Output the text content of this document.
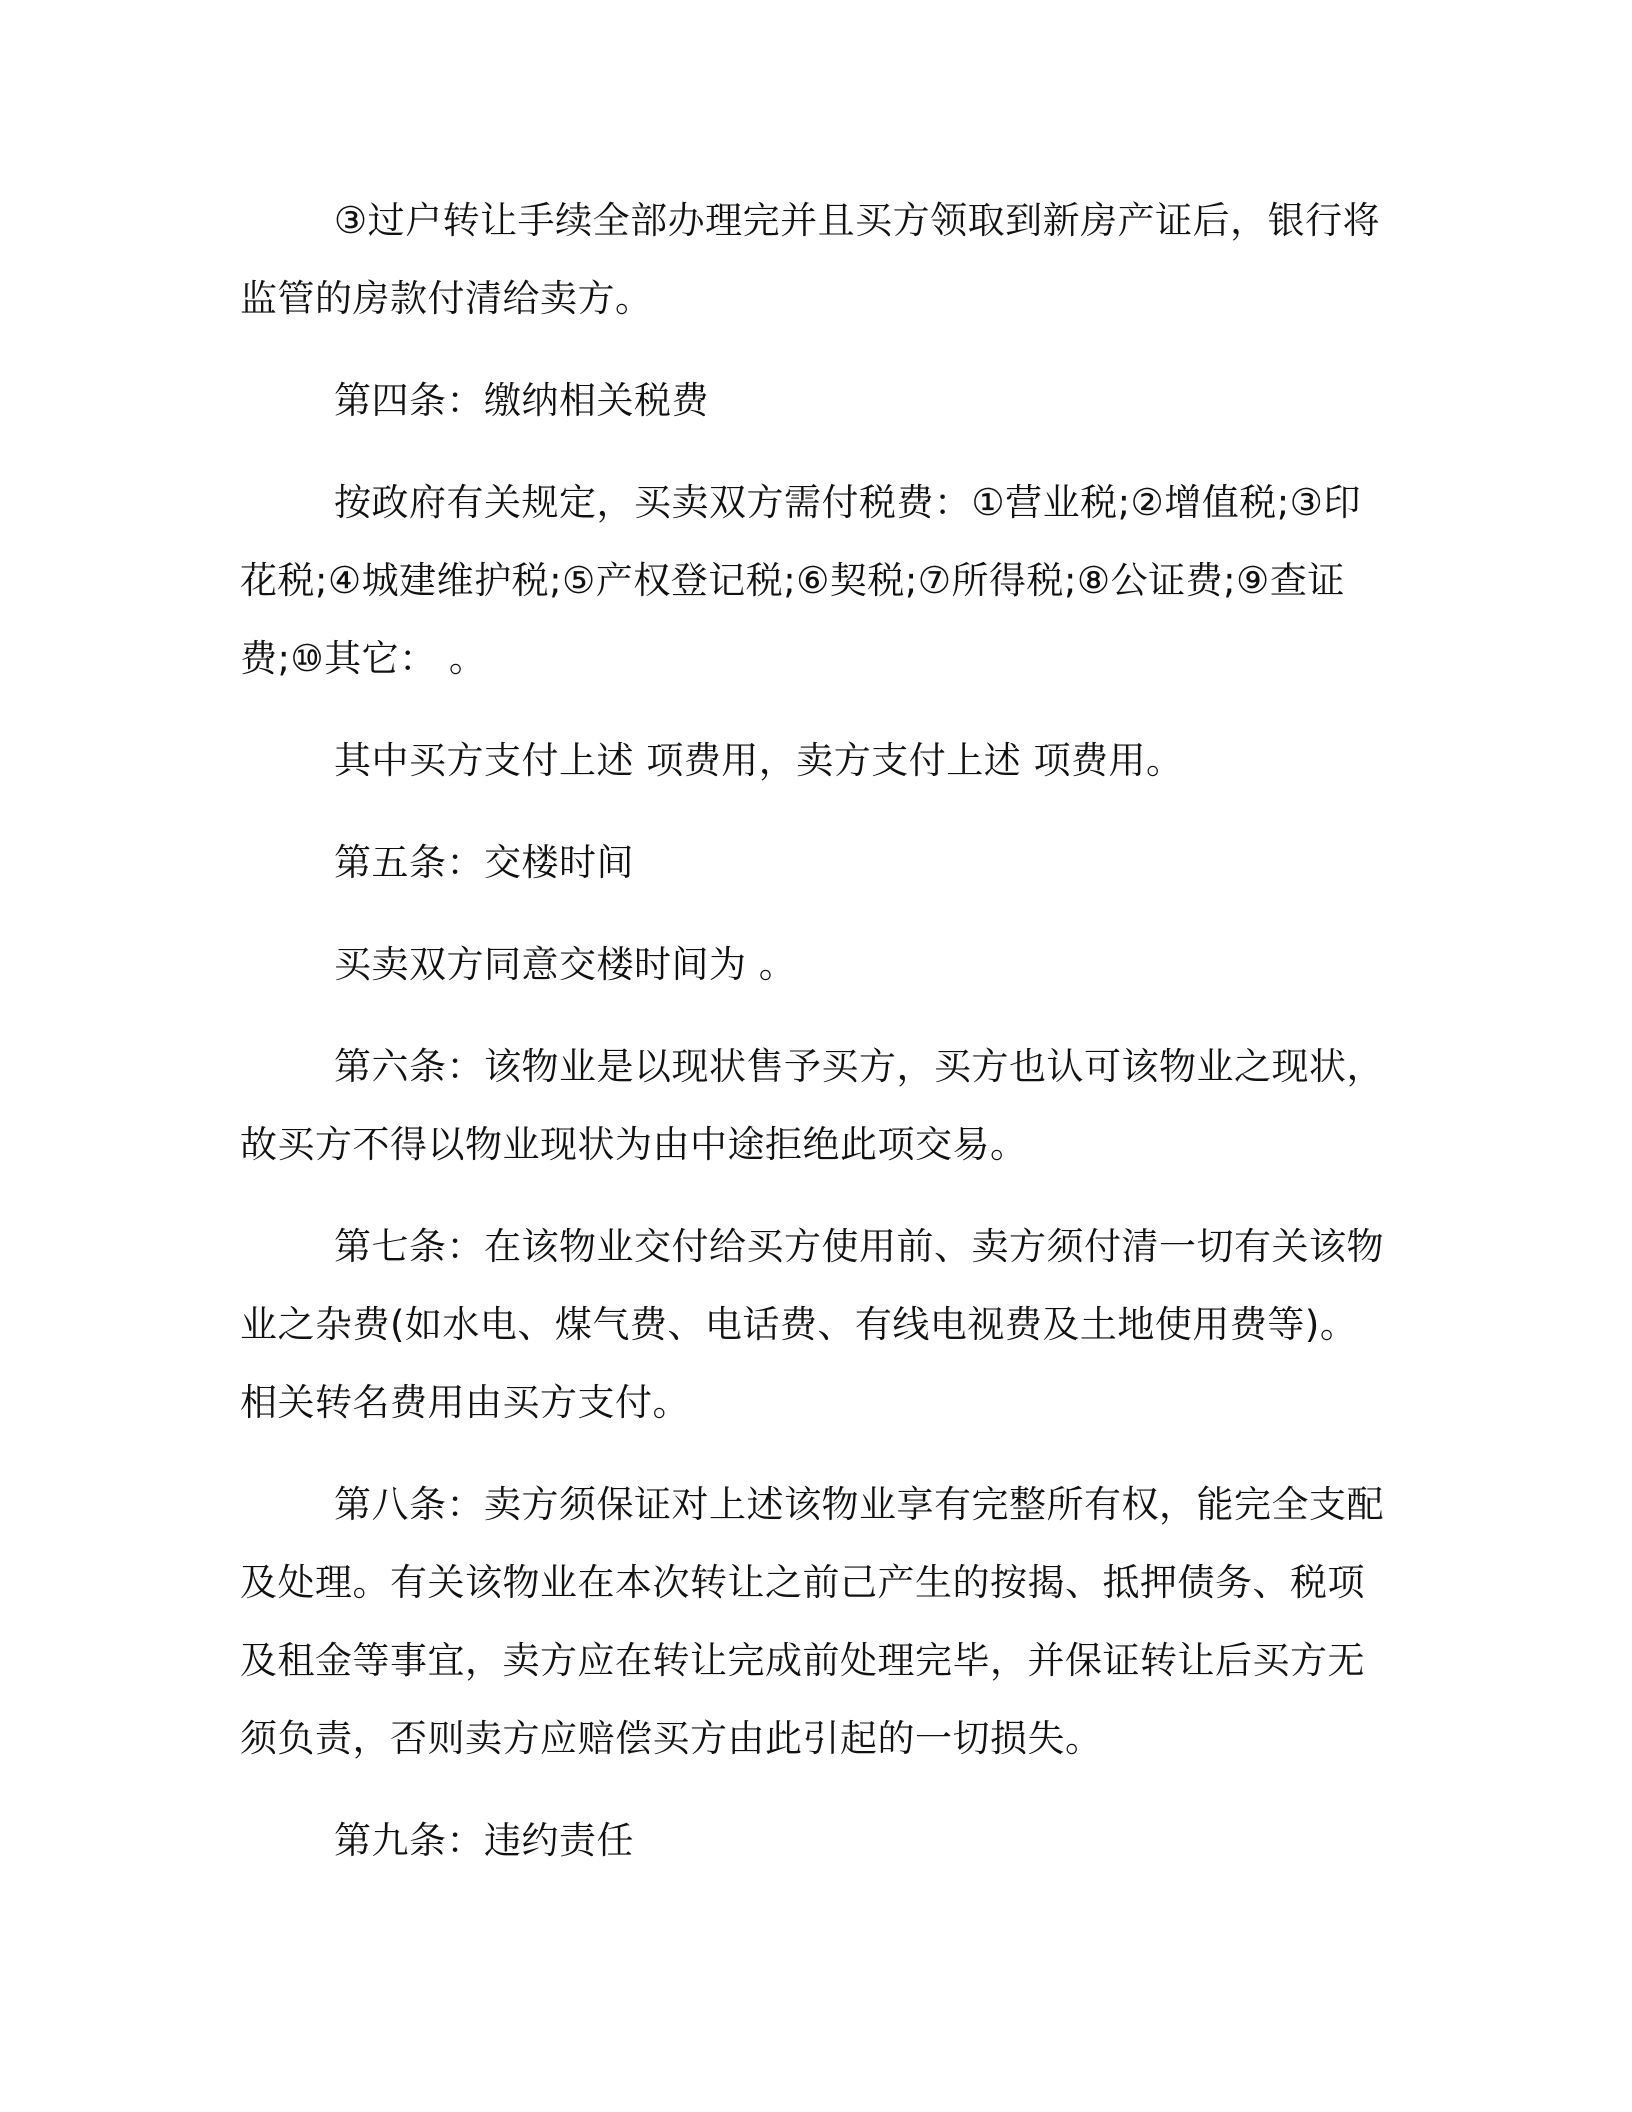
③过户转让手续全部办理完并且买方领取到新房产证后，银行将监管的房款付清给卖方。

第四条：缴纳相关税费

按政府有关规定，买卖双方需付税费：①营业税;②增值税;③印花税;④城建维护税;⑤产权登记税;⑥契税;⑦所得税;⑧公证费;⑨查证费;⑩其它： 。

其中买方支付上述 项费用，卖方支付上述 项费用。

第五条：交楼时间

买卖双方同意交楼时间为 。

第六条：该物业是以现状售予买方，买方也认可该物业之现状，故买方不得以物业现状为由中途拒绝此项交易。

第七条：在该物业交付给买方使用前、卖方须付清一切有关该物业之杂费(如水电、煤气费、电话费、有线电视费及土地使用费等)。相关转名费用由买方支付。

第八条：卖方须保证对上述该物业享有完整所有权，能完全支配及处理。有关该物业在本次转让之前己产生的按揭、抵押债务、税项及租金等事宜，卖方应在转让完成前处理完毕，并保证转让后买方无须负责，否则卖方应赔偿买方由此引起的一切损失。

第九条：违约责任
